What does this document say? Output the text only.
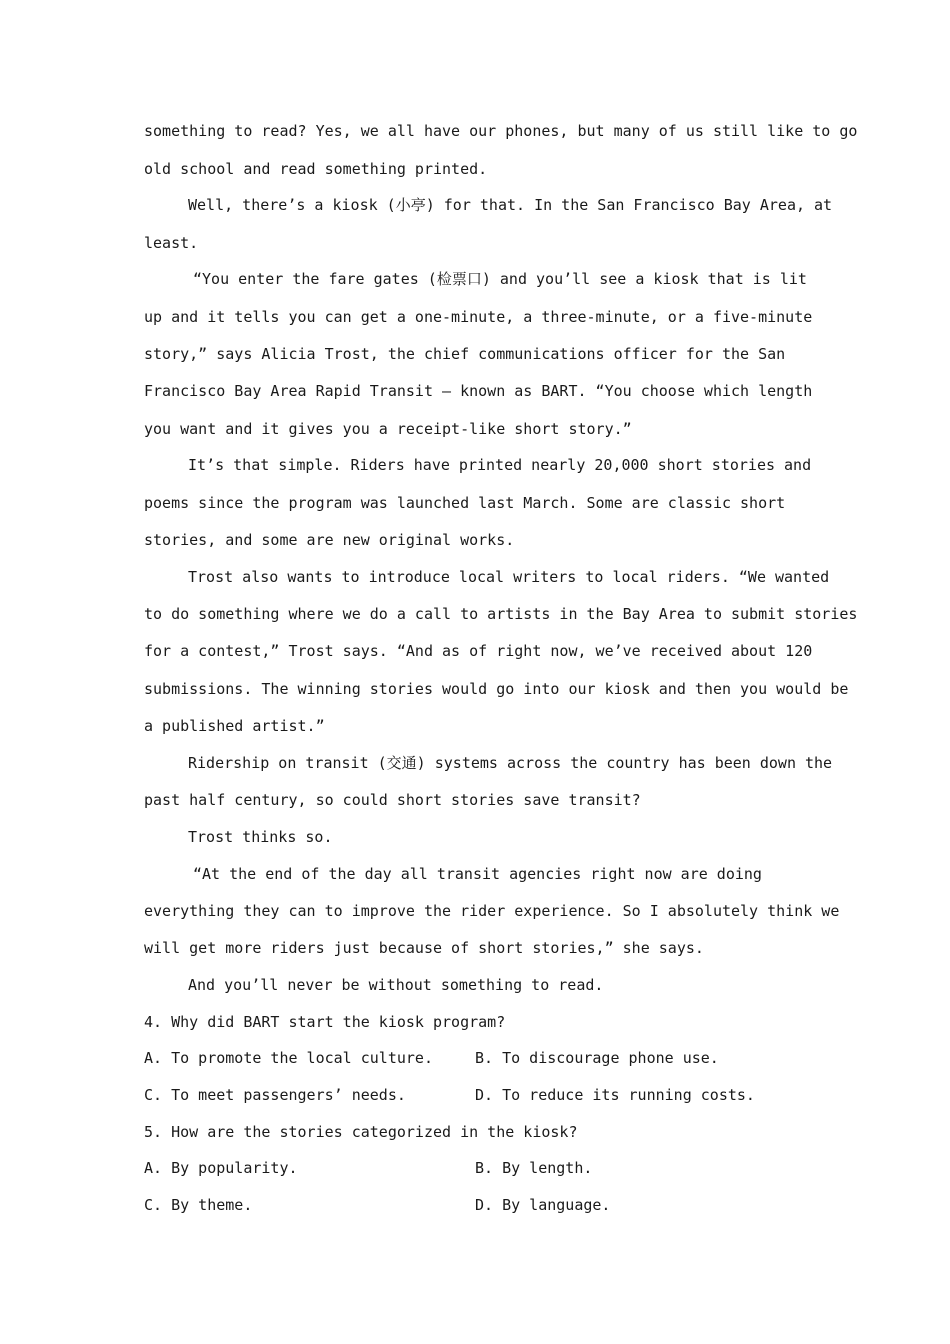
something to read? Yes, we all have our phones, but many of us still like to go
old school and read something printed.
Well, there’s a kiosk (小亭) for that. In the San Francisco Bay Area, at
least.
“You enter the fare gates (检票口) and you’ll see a kiosk that is lit
up and it tells you can get a one-minute, a three-minute, or a five-minute
story,” says Alicia Trost, the chief communications officer for the San
Francisco Bay Area Rapid Transit — known as BART. “You choose which length
you want and it gives you a receipt-like short story.”
It’s that simple. Riders have printed nearly 20,000 short stories and
poems since the program was launched last March. Some are classic short
stories, and some are new original works.
Trost also wants to introduce local writers to local riders. “We wanted
to do something where we do a call to artists in the Bay Area to submit stories
for a contest,” Trost says. “And as of right now, we’ve received about 120
submissions. The winning stories would go into our kiosk and then you would be
a published artist.”
Ridership on transit (交通) systems across the country has been down the
past half century, so could short stories save transit?
Trost thinks so.
“At the end of the day all transit agencies right now are doing
everything they can to improve the rider experience. So I absolutely think we
will get more riders just because of short stories,” she says.
And you’ll never be without something to read.
4. Why did BART start the kiosk program?
A. To promote the local culture.	B. To discourage phone use.
C. To meet passengers’ needs.	D. To reduce its running costs.
5. How are the stories categorized in the kiosk?
A. By popularity.	B. By length.
C. By theme.	D. By language.
